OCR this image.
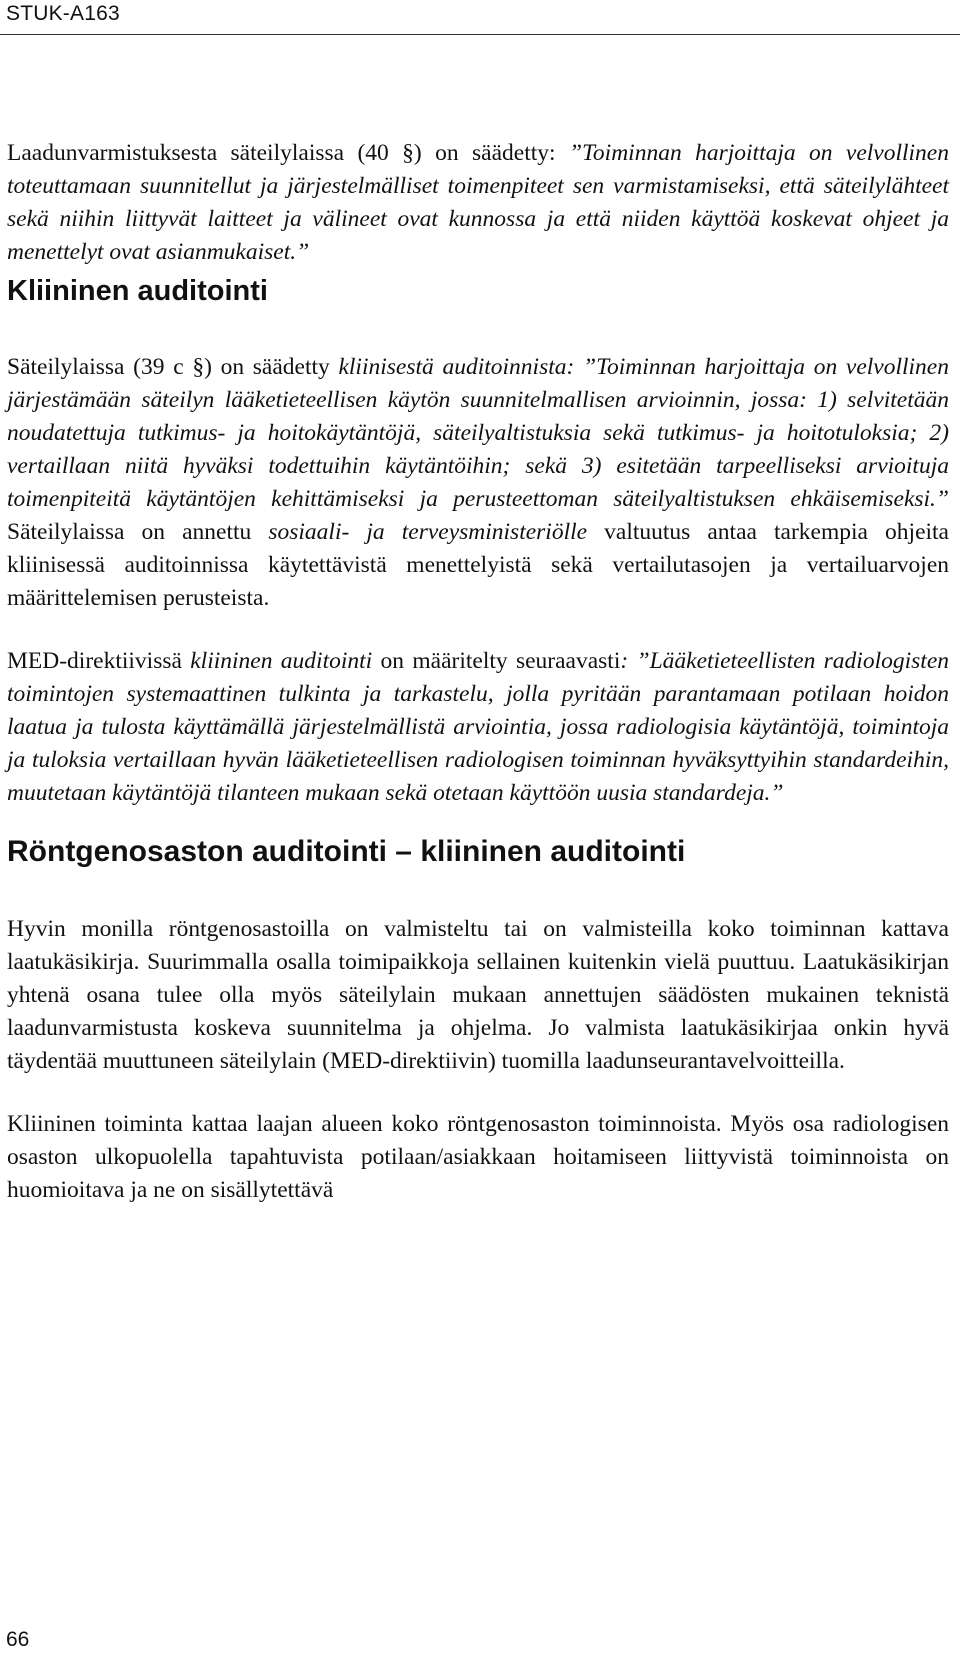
STUK-A163

Laadunvarmistuksesta säteilylaissa (40 §) on säädetty: ”Toiminnan harjoittaja on velvollinen toteuttamaan suunnitellut ja järjestelmälliset toimenpiteet sen varmistamiseksi, että säteilylähteet sekä niihin liittyvät laitteet ja välineet ovat kunnossa ja että niiden käyttöä koskevat ohjeet ja menettelyt ovat asianmukaiset.”

Kliininen auditointi

Säteilylaissa (39 c §) on säädetty kliinisestä auditoinnista: ”Toiminnan harjoittaja on velvollinen järjestämään säteilyn lääketieteellisen käytön suunnitelmallisen arvioinnin, jossa: 1) selvitetään noudatettuja tutkimus- ja hoitokäytäntöjä, säteilyaltistuksia sekä tutkimus- ja hoitotuloksia; 2) vertaillaan niitä hyväksi todettuihin käytäntöihin; sekä 3) esitetään tarpeelliseksi arvioituja toimenpiteitä käytäntöjen kehittämiseksi ja perusteettoman säteilyaltistuksen ehkäisemiseksi.” Säteilylaissa on annettu sosiaali- ja terveysministeriölle valtuutus antaa tarkempia ohjeita kliinisessä auditoinnissa käytettävistä menettelyistä sekä vertailutasojen ja vertailuarvojen määrittelemisen perusteista.

MED-direktiivissä kliininen auditointi on määritelty seuraavasti: ”Lääketieteellisten radiologisten toimintojen systemaattinen tulkinta ja tarkastelu, jolla pyritään parantamaan potilaan hoidon laatua ja tulosta käyttämällä järjestelmällistä arviointia, jossa radiologisia käytäntöjä, toimintoja ja tuloksia vertaillaan hyvän lääketieteellisen radiologisen toiminnan hyväksyttyihin standardeihin, muutetaan käytäntöjä tilanteen mukaan sekä otetaan käyttöön uusia standardeja.”

Röntgenosaston auditointi – kliininen auditointi

Hyvin monilla röntgenosastoilla on valmisteltu tai on valmisteilla koko toiminnan kattava laatukäsikirja. Suurimmalla osalla toimipaikkoja sellainen kuitenkin vielä puuttuu. Laatukäsikirjan yhtenä osana tulee olla myös säteilylain mukaan annettujen säädösten mukainen teknistä laadunvarmistusta koskeva suunnitelma ja ohjelma. Jo valmista laatukäsikirjaa onkin hyvä täydentää muuttuneen säteilylain (MED-direktiivin) tuomilla laadunseurantavelvoitteilla.

Kliininen toiminta kattaa laajan alueen koko röntgenosaston toiminnoista. Myös osa radiologisen osaston ulkopuolella tapahtuvista potilaan/asiakkaan hoitamiseen liittyvistä toiminnoista on huomioitava ja ne on sisällytettävä

66
